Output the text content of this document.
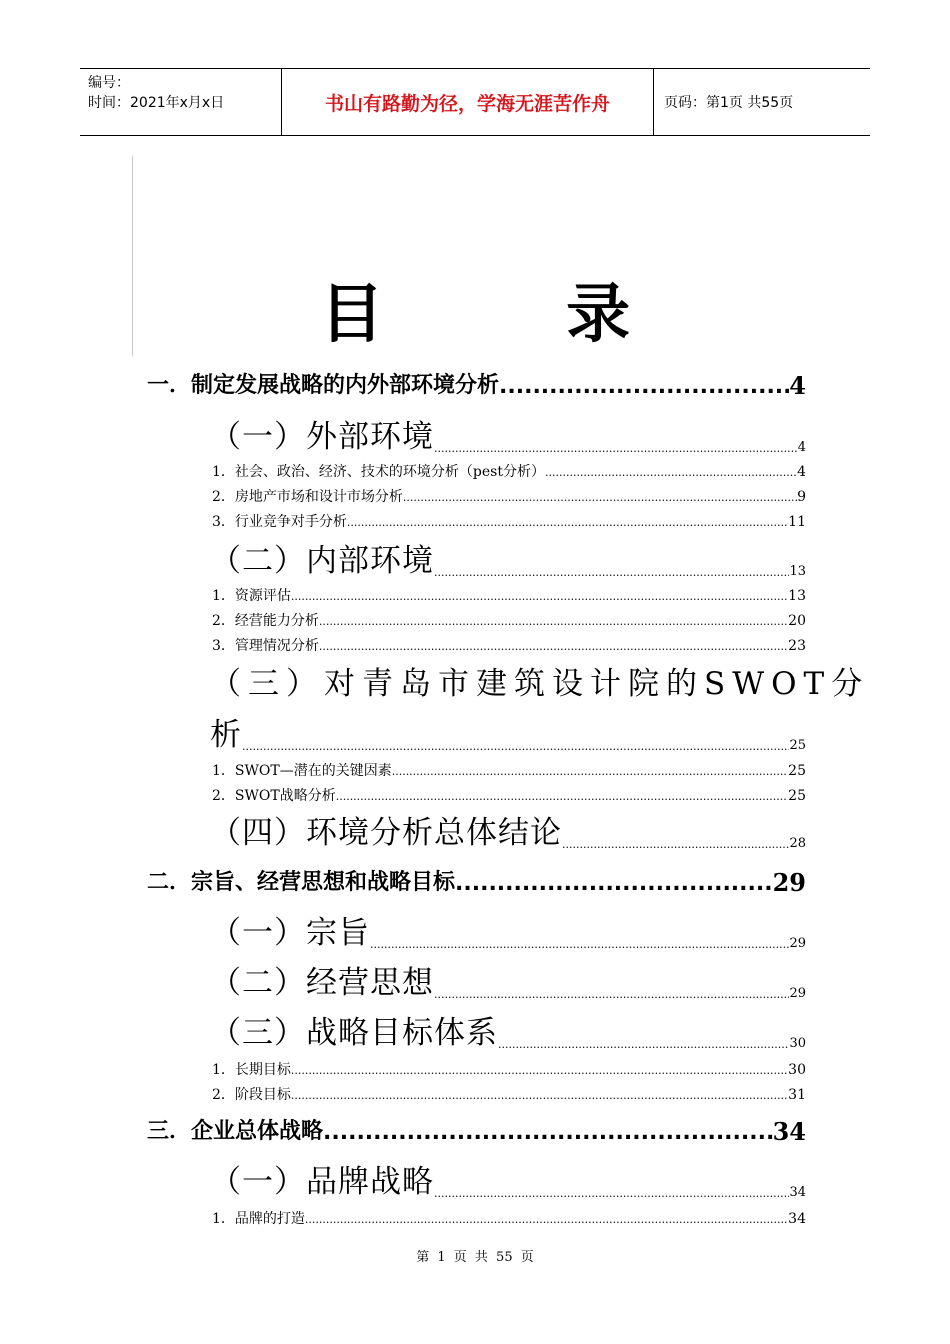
编号：
时间：2021年x月x日	书山有路勤为径，学海无涯苦作舟	页码：第1页 共55页
目 录
一．制定发展战略的内外部环境分析 .....	4
（一）外部环境 .....	4
1．社会、政治、经济、技术的环境分析（pest分析） .....	4
2．房地产市场和设计市场分析 .....	9
3．行业竞争对手分析 .....	11
（二）内部环境 .....	13
1．资源评估 .....	13
2．经营能力分析 .....	20
3．管理情况分析 .....	23
（三）对青岛市建筑设计院的SWOT分
析 .....	25
1．SWOT—潜在的关键因素 .....	25
2．SWOT战略分析 .....	25
（四）环境分析总体结论 .....	28
二．宗旨、经营思想和战略目标 .....	29
（一）宗旨 .....	29
（二）经营思想 .....	29
（三）战略目标体系 .....	30
1．长期目标 .....	30
2．阶段目标 .....	31
三．企业总体战略 .....	34
（一）品牌战略 .....	34
1．品牌的打造 .....	34
第 1 页 共 55 页
